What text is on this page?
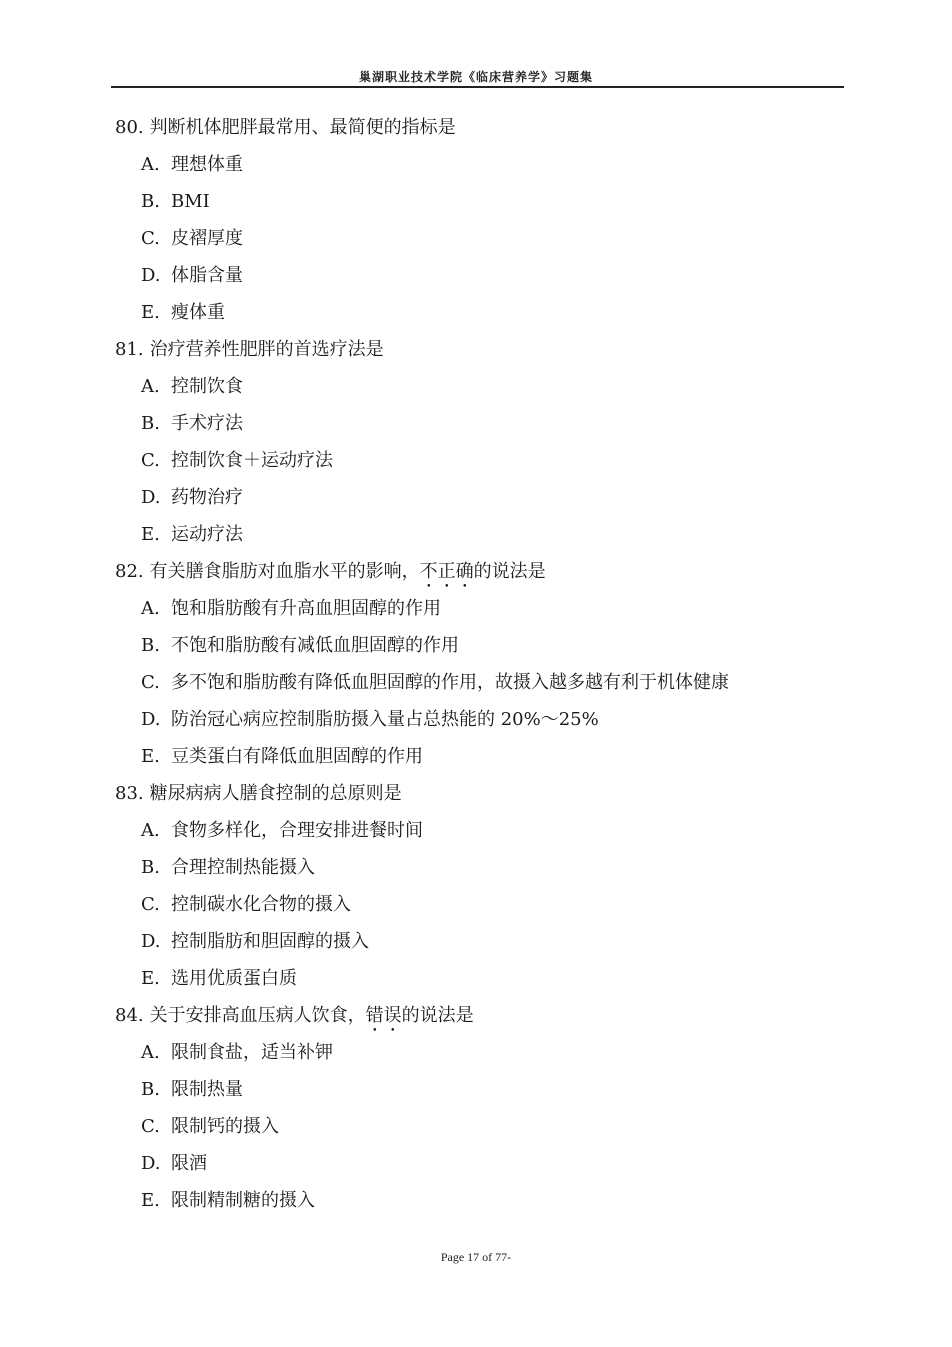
巢湖职业技术学院《临床营养学》习题集
80. 判断机体肥胖最常用、最简便的指标是
A. 理想体重
B. BMI
C. 皮褶厚度
D. 体脂含量
E. 瘦体重
81. 治疗营养性肥胖的首选疗法是
A. 控制饮食
B. 手术疗法
C. 控制饮食＋运动疗法
D. 药物治疗
E. 运动疗法
82. 有关膳食脂肪对血脂水平的影响，不正确的说法是
A. 饱和脂肪酸有升高血胆固醇的作用
B. 不饱和脂肪酸有减低血胆固醇的作用
C. 多不饱和脂肪酸有降低血胆固醇的作用，故摄入越多越有利于机体健康
D. 防治冠心病应控制脂肪摄入量占总热能的 20%～25%
E. 豆类蛋白有降低血胆固醇的作用
83. 糖尿病病人膳食控制的总原则是
A. 食物多样化，合理安排进餐时间
B. 合理控制热能摄入
C. 控制碳水化合物的摄入
D. 控制脂肪和胆固醇的摄入
E. 选用优质蛋白质
84. 关于安排高血压病人饮食，错误的说法是
A. 限制食盐，适当补钾
B. 限制热量
C. 限制钙的摄入
D. 限酒
E. 限制精制糖的摄入
Page 17 of 77-
